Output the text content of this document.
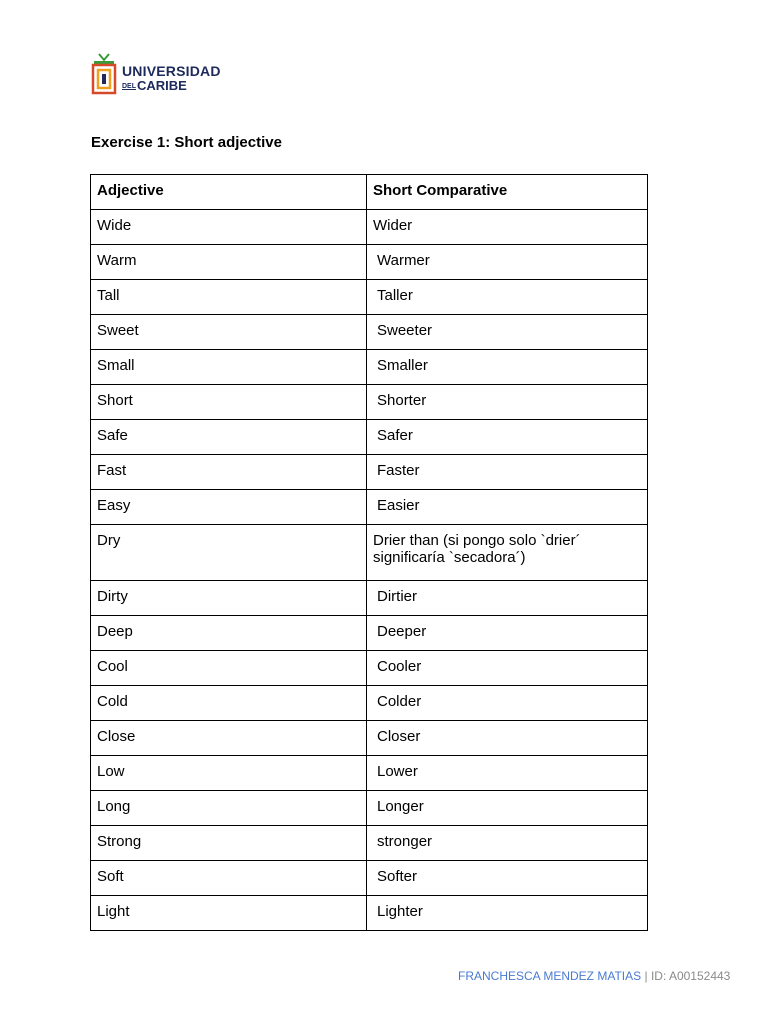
UNIVERSIDAD
DELCARIBE
Exercise 1: Short adjective
Adjective	Short Comparative
Wide	Wider
Warm	Warmer
Tall	Taller
Sweet	Sweeter
Small	Smaller
Short	Shorter
Safe	Safer
Fast	Faster
Easy	Easier
Dry	Drier than (si pongo solo `drier´ significaría `secadora´)
Dirty	Dirtier
Deep	Deeper
Cool	Cooler
Cold	Colder
Close	Closer
Low	Lower
Long	Longer
Strong	stronger
Soft	Softer
Light	Lighter
FRANCHESCA MENDEZ MATIAS | ID: A00152443
